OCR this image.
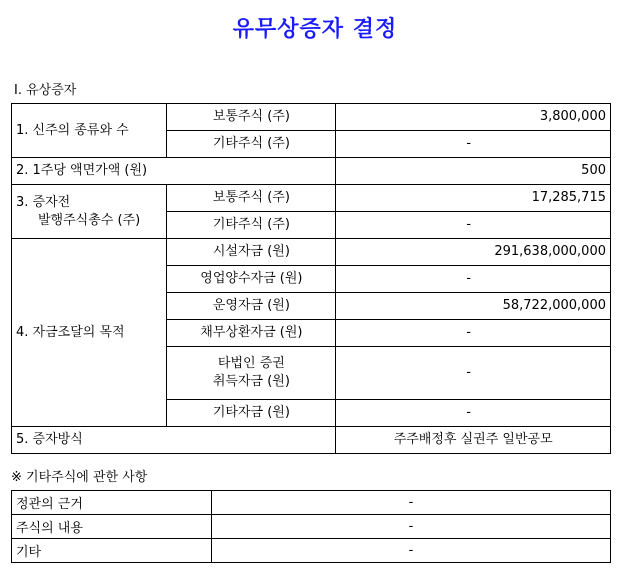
유무상증자 결정
Ⅰ. 유상증자
1. 신주의 종류와 수	보통주식 (주)	3,800,000
	기타주식 (주)	-
2. 1주당 액면가액 (원)		500

3. 증자전
발행주식총수 (주)	보통주식 (주)	17,285,715
	기타주식 (주)	-
4. 자금조달의 목적	시설자금 (원)	291,638,000,000
	영업양수자금 (원)	-
	운영자금 (원)	58,722,000,000
	채무상환자금 (원)	-

	타법인 증권
취득자금 (원)	-
	기타자금 (원)	-
5. 증자방식		주주배정후 실권주 일반공모
※ 기타주식에 관한 사항
정관의 근거	-
주식의 내용	-
기타	-
